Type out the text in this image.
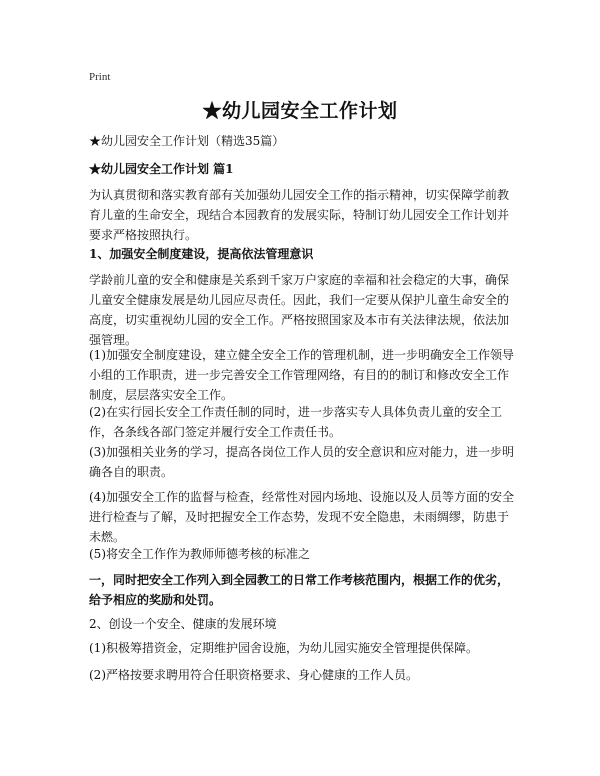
Print
★幼儿园安全工作计划
★幼儿园安全工作计划（精选35篇）
★幼儿园安全工作计划 篇1
为认真贯彻和落实教育部有关加强幼儿园安全工作的指示精神，切实保障学前教育儿童的生命安全，现结合本园教育的发展实际，特制订幼儿园安全工作计划并要求严格按照执行。
1、加强安全制度建设，提高依法管理意识
学龄前儿童的安全和健康是关系到千家万户家庭的幸福和社会稳定的大事，确保儿童安全健康发展是幼儿园应尽责任。因此，我们一定要从保护儿童生命安全的高度，切实重视幼儿园的安全工作。严格按照国家及本市有关法律法规，依法加强管理。
(1)加强安全制度建设，建立健全安全工作的管理机制，进一步明确安全工作领导小组的工作职责，进一步完善安全工作管理网络，有目的的制订和修改安全工作制度，层层落实安全工作。
(2)在实行园长安全工作责任制的同时，进一步落实专人具体负责儿童的安全工作，各条线各部门签定并履行安全工作责任书。
(3)加强相关业务的学习，提高各岗位工作人员的安全意识和应对能力，进一步明确各自的职责。
(4)加强安全工作的监督与检查，经常性对园内场地、设施以及人员等方面的安全进行检查与了解，及时把握安全工作态势，发现不安全隐患，未雨绸缪，防患于未燃。
(5)将安全工作作为教师师德考核的标准之
一，同时把安全工作列入到全园教工的日常工作考核范围内，根据工作的优劣，给予相应的奖励和处罚。
2、创设一个安全、健康的发展环境
(1)积极筹措资金，定期维护园舍设施，为幼儿园实施安全管理提供保障。
(2)严格按要求聘用符合任职资格要求、身心健康的工作人员。
